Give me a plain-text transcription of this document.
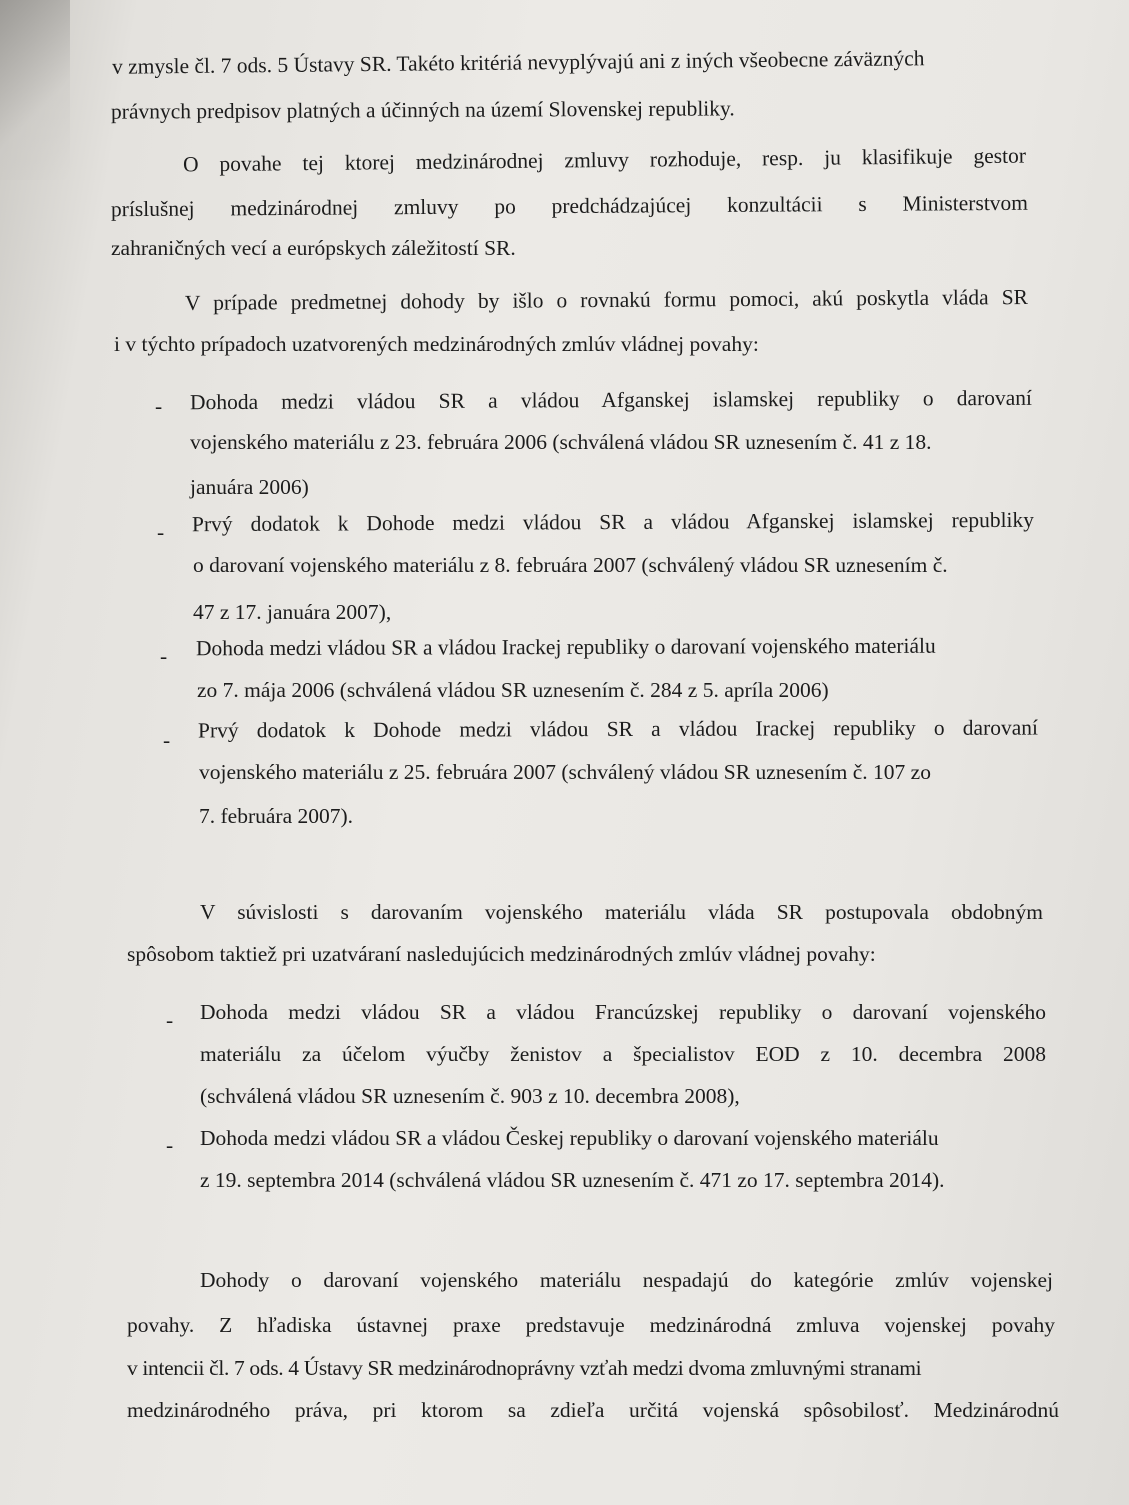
v zmysle čl. 7 ods. 5 Ústavy SR. Takéto kritériá nevyplývajú ani z iných všeobecne záväzných
právnych predpisov platných a účinných na území Slovenskej republiky.
O povahe tej ktorej medzinárodnej zmluvy rozhoduje, resp. ju klasifikuje gestor
príslušnej medzinárodnej zmluvy po predchádzajúcej konzultácii s Ministerstvom
zahraničných vecí a európskych záležitostí SR.
V prípade predmetnej dohody by išlo o rovnakú formu pomoci, akú poskytla vláda SR
i v týchto prípadoch uzatvorených medzinárodných zmlúv vládnej povahy:
- Dohoda medzi vládou SR a vládou Afganskej islamskej republiky o darovaní
vojenského materiálu z 23. februára 2006 (schválená vládou SR uznesením č. 41 z 18.
januára 2006)
- Prvý dodatok k Dohode medzi vládou SR a vládou Afganskej islamskej republiky
o darovaní vojenského materiálu z 8. februára 2007 (schválený vládou SR uznesením č.
47 z 17. januára 2007),
- Dohoda medzi vládou SR a vládou Irackej republiky o darovaní vojenského materiálu
zo 7. mája 2006 (schválená vládou SR uznesením č. 284 z 5. apríla 2006)
- Prvý dodatok k Dohode medzi vládou SR a vládou Irackej republiky o darovaní
vojenského materiálu z 25. februára 2007 (schválený vládou SR uznesením č. 107 zo
7. februára 2007).
V súvislosti s darovaním vojenského materiálu vláda SR postupovala obdobným
spôsobom taktiež pri uzatváraní nasledujúcich medzinárodných zmlúv vládnej povahy:
- Dohoda medzi vládou SR a vládou Francúzskej republiky o darovaní vojenského
materiálu za účelom výučby ženistov a špecialistov EOD z 10. decembra 2008
(schválená vládou SR uznesením č. 903 z 10. decembra 2008),
- Dohoda medzi vládou SR a vládou Českej republiky o darovaní vojenského materiálu
z 19. septembra 2014 (schválená vládou SR uznesením č. 471 zo 17. septembra 2014).
Dohody o darovaní vojenského materiálu nespadajú do kategórie zmlúv vojenskej
povahy. Z hľadiska ústavnej praxe predstavuje medzinárodná zmluva vojenskej povahy
v intencii čl. 7 ods. 4 Ústavy SR medzinárodnoprávny vzťah medzi dvoma zmluvnými stranami
medzinárodného práva, pri ktorom sa zdieľa určitá vojenská spôsobilosť. Medzinárodnú
